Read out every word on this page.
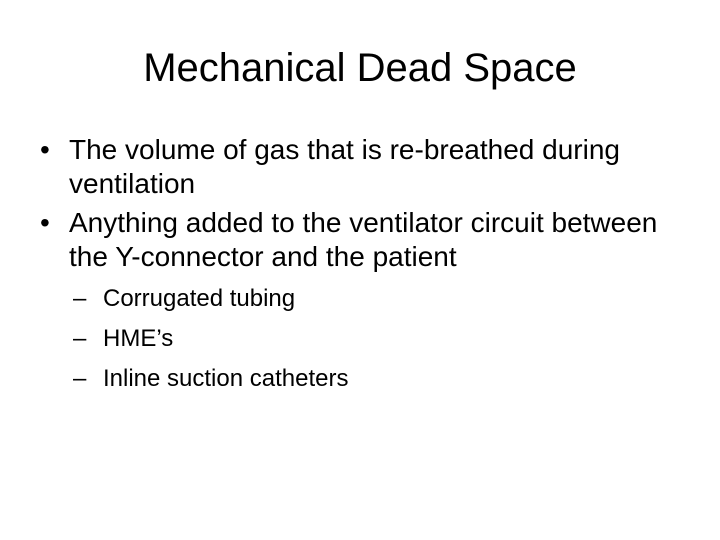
Mechanical Dead Space
• The volume of gas that is re-breathed during ventilation
• Anything added to the ventilator circuit between the Y-connector and the patient
– Corrugated tubing
– HME’s
– Inline suction catheters
